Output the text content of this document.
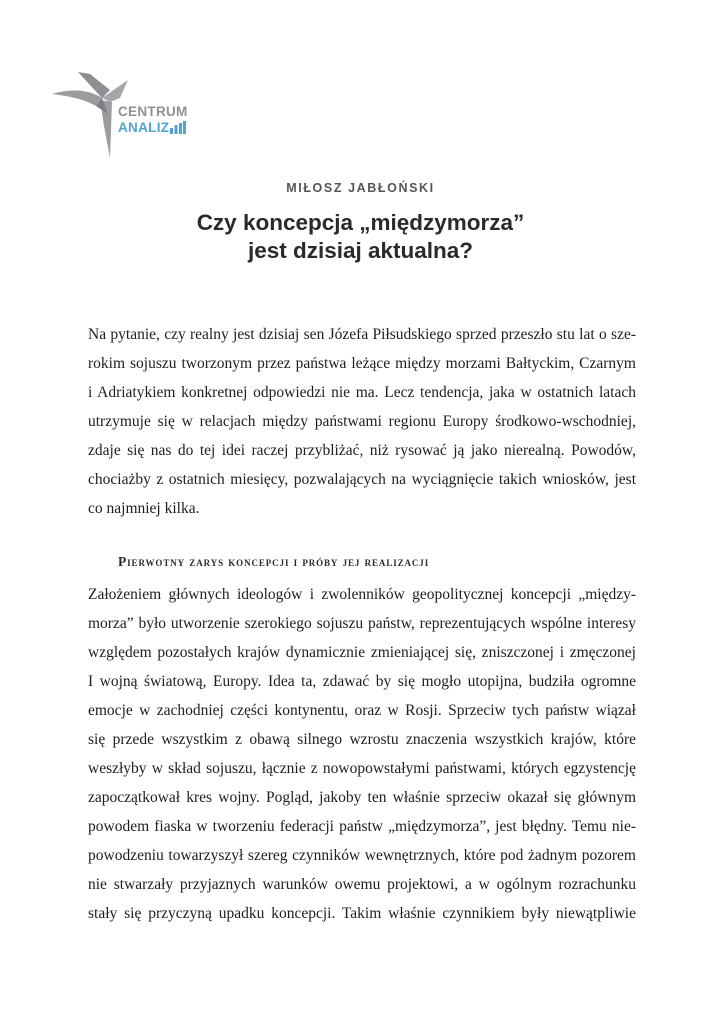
CENTRUM
ANALIZ
MIŁOSZ JABŁOŃSKI
Czy koncepcja „międzymorza”
jest dzisiaj aktualna?
Na pytanie, czy realny jest dzisiaj sen Józefa Piłsudskiego sprzed przeszło stu lat o sze-
rokim sojuszu tworzonym przez państwa leżące między morzami Bałtyckim, Czarnym
i Adriatykiem konkretnej odpowiedzi nie ma. Lecz tendencja, jaka w ostatnich latach
utrzymuje się w relacjach między państwami regionu Europy środkowo-wschodniej,
zdaje się nas do tej idei raczej przybliżać, niż rysować ją jako nierealną. Powodów,
chociażby z ostatnich miesięcy, pozwalających na wyciągnięcie takich wniosków, jest
co najmniej kilka.
Pierwotny zarys koncepcji i próby jej realizacji
Założeniem głównych ideologów i zwolenników geopolitycznej koncepcji „między-
morza” było utworzenie szerokiego sojuszu państw, reprezentujących wspólne interesy
względem pozostałych krajów dynamicznie zmieniającej się, zniszczonej i zmęczonej
I wojną światową, Europy. Idea ta, zdawać by się mogło utopijna, budziła ogromne
emocje w zachodniej części kontynentu, oraz w Rosji. Sprzeciw tych państw wiązał
się przede wszystkim z obawą silnego wzrostu znaczenia wszystkich krajów, które
weszłyby w skład sojuszu, łącznie z nowopowstałymi państwami, których egzystencję
zapoczątkował kres wojny. Pogląd, jakoby ten właśnie sprzeciw okazał się głównym
powodem fiaska w tworzeniu federacji państw „międzymorza”, jest błędny. Temu nie-
powodzeniu towarzyszył szereg czynników wewnętrznych, które pod żadnym pozorem
nie stwarzały przyjaznych warunków owemu projektowi, a w ogólnym rozrachunku
stały się przyczyną upadku koncepcji. Takim właśnie czynnikiem były niewątpliwie
